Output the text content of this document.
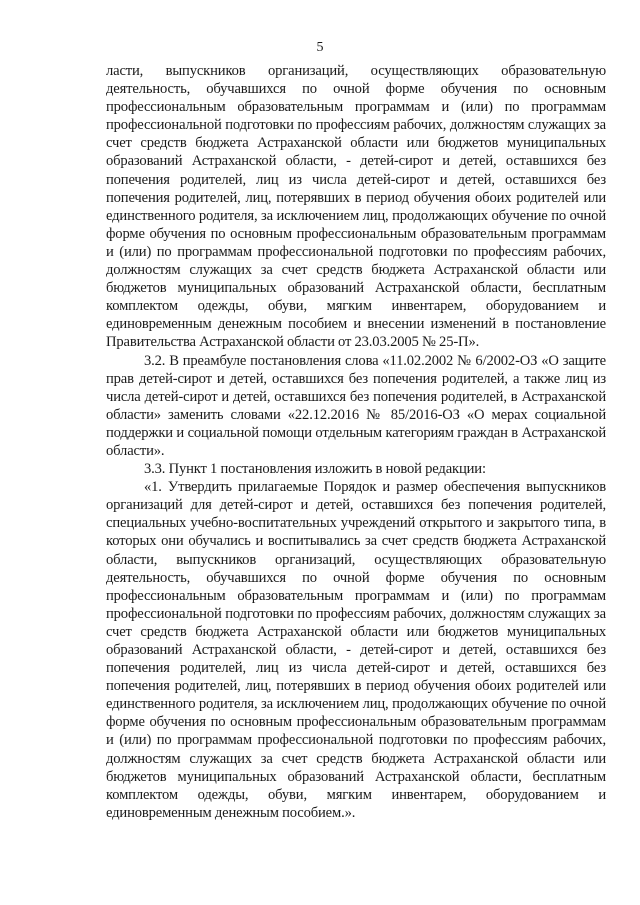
5

ласти, выпускников организаций, осуществляющих образовательную деятельность, обучавшихся по очной форме обучения по основным профессиональным образовательным программам и (или) по программам профессиональной подготовки по профессиям рабочих, должностям служащих за счет средств бюджета Астраханской области или бюджетов муниципальных образований Астраханской области, - детей-сирот и детей, оставшихся без попечения родителей, лиц из числа детей-сирот и детей, оставшихся без попечения родителей, лиц, потерявших в период обучения обоих родителей или единственного родителя, за исключением лиц, продолжающих обучение по очной форме обучения по основным профессиональным образовательным программам и (или) по программам профессиональной подготовки по профессиям рабочих, должностям служащих за счет средств бюджета Астраханской области или бюджетов муниципальных образований Астраханской области, бесплатным комплектом одежды, обуви, мягким инвентарем, оборудованием и единовременным денежным пособием и внесении изменений в постановление Правительства Астраханской области от 23.03.2005 № 25-П».

3.2. В преамбуле постановления слова «11.02.2002 № 6/2002-ОЗ «О защите прав детей-сирот и детей, оставшихся без попечения родителей, а также лиц из числа детей-сирот и детей, оставшихся без попечения родителей, в Астраханской области» заменить словами «22.12.2016 № 85/2016-ОЗ «О мерах социальной поддержки и социальной помощи отдельным категориям граждан в Астраханской области».

3.3. Пункт 1 постановления изложить в новой редакции:

«1. Утвердить прилагаемые Порядок и размер обеспечения выпускников организаций для детей-сирот и детей, оставшихся без попечения родителей, специальных учебно-воспитательных учреждений открытого и закрытого типа, в которых они обучались и воспитывались за счет средств бюджета Астраханской области, выпускников организаций, осуществляющих образовательную деятельность, обучавшихся по очной форме обучения по основным профессиональным образовательным программам и (или) по программам профессиональной подготовки по профессиям рабочих, должностям служащих за счет средств бюджета Астраханской области или бюджетов муниципальных образований Астраханской области, - детей-сирот и детей, оставшихся без попечения родителей, лиц из числа детей-сирот и детей, оставшихся без попечения родителей, лиц, потерявших в период обучения обоих родителей или единственного родителя, за исключением лиц, продолжающих обучение по очной форме обучения по основным профессиональным образовательным программам и (или) по программам профессиональной подготовки по профессиям рабочих, должностям служащих за счет средств бюджета Астраханской области или бюджетов муниципальных образований Астраханской области, бесплатным комплектом одежды, обуви, мягким инвентарем, оборудованием и единовременным денежным пособием.».
